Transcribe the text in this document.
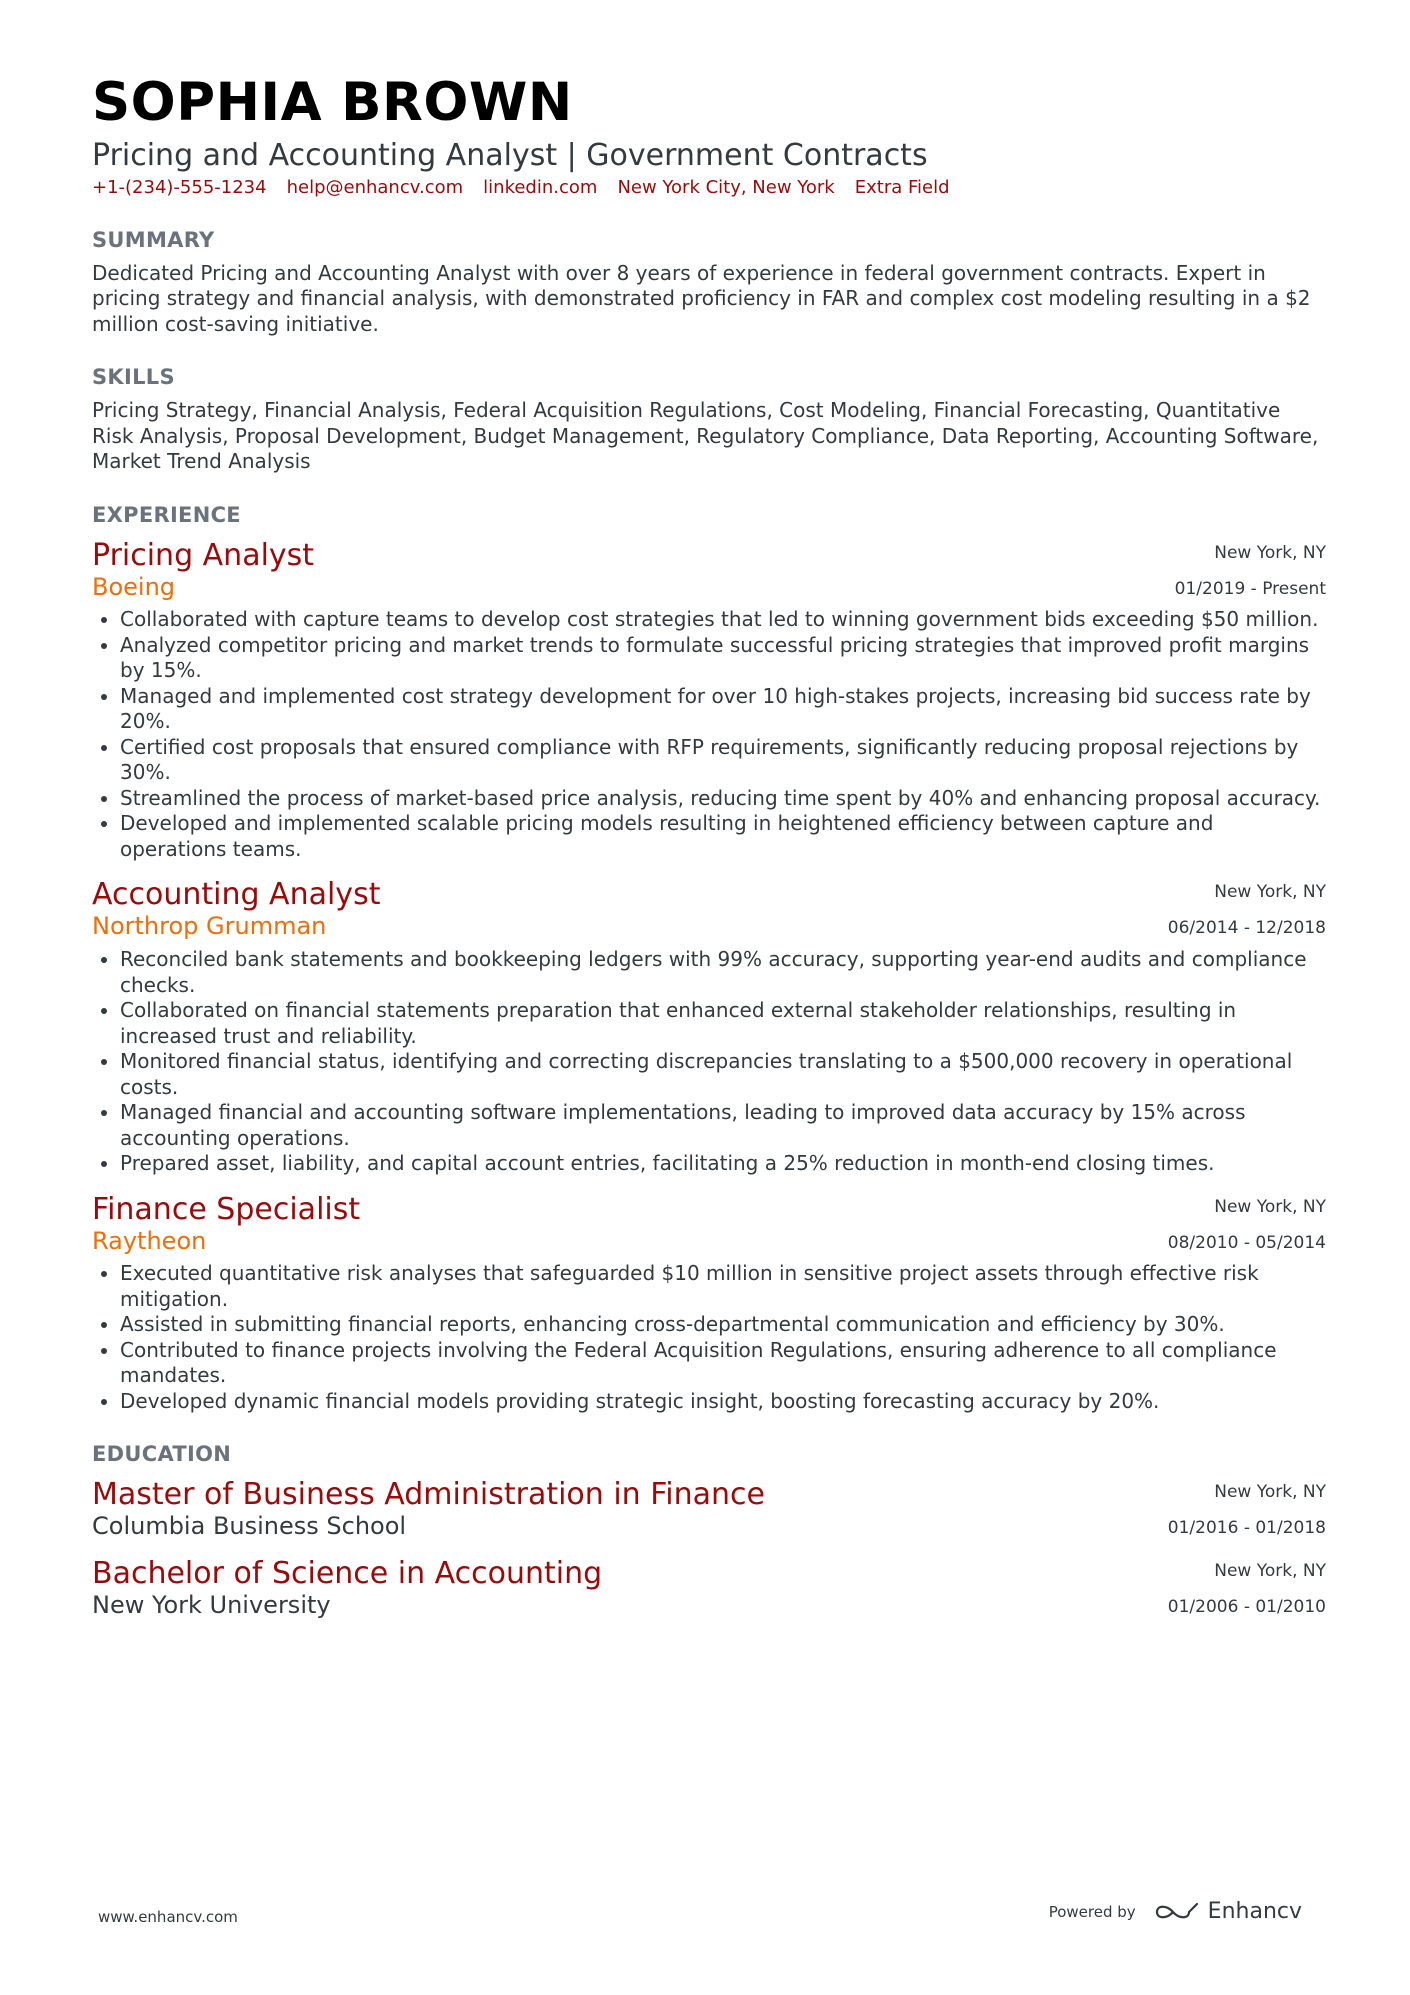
SOPHIA BROWN
Pricing and Accounting Analyst | Government Contracts
+1-(234)-555-1234 help@enhancv.com linkedin.com New York City, New York Extra Field
SUMMARY
Dedicated Pricing and Accounting Analyst with over 8 years of experience in federal government contracts. Expert in pricing strategy and financial analysis, with demonstrated proficiency in FAR and complex cost modeling resulting in a $2 million cost-saving initiative.
SKILLS
Pricing Strategy, Financial Analysis, Federal Acquisition Regulations, Cost Modeling, Financial Forecasting, Quantitative Risk Analysis, Proposal Development, Budget Management, Regulatory Compliance, Data Reporting, Accounting Software, Market Trend Analysis
EXPERIENCE
Pricing Analyst
Boeing
New York, NY
01/2019 - Present
• Collaborated with capture teams to develop cost strategies that led to winning government bids exceeding $50 million.
• Analyzed competitor pricing and market trends to formulate successful pricing strategies that improved profit margins by 15%.
• Managed and implemented cost strategy development for over 10 high-stakes projects, increasing bid success rate by 20%.
• Certified cost proposals that ensured compliance with RFP requirements, significantly reducing proposal rejections by 30%.
• Streamlined the process of market-based price analysis, reducing time spent by 40% and enhancing proposal accuracy.
• Developed and implemented scalable pricing models resulting in heightened efficiency between capture and operations teams.
Accounting Analyst
Northrop Grumman
New York, NY
06/2014 - 12/2018
• Reconciled bank statements and bookkeeping ledgers with 99% accuracy, supporting year-end audits and compliance checks.
• Collaborated on financial statements preparation that enhanced external stakeholder relationships, resulting in increased trust and reliability.
• Monitored financial status, identifying and correcting discrepancies translating to a $500,000 recovery in operational costs.
• Managed financial and accounting software implementations, leading to improved data accuracy by 15% across accounting operations.
• Prepared asset, liability, and capital account entries, facilitating a 25% reduction in month-end closing times.
Finance Specialist
Raytheon
New York, NY
08/2010 - 05/2014
• Executed quantitative risk analyses that safeguarded $10 million in sensitive project assets through effective risk mitigation.
• Assisted in submitting financial reports, enhancing cross-departmental communication and efficiency by 30%.
• Contributed to finance projects involving the Federal Acquisition Regulations, ensuring adherence to all compliance mandates.
• Developed dynamic financial models providing strategic insight, boosting forecasting accuracy by 20%.
EDUCATION
Master of Business Administration in Finance
Columbia Business School
New York, NY
01/2016 - 01/2018
Bachelor of Science in Accounting
New York University
New York, NY
01/2006 - 01/2010
www.enhancv.com	Powered by	Enhancv
